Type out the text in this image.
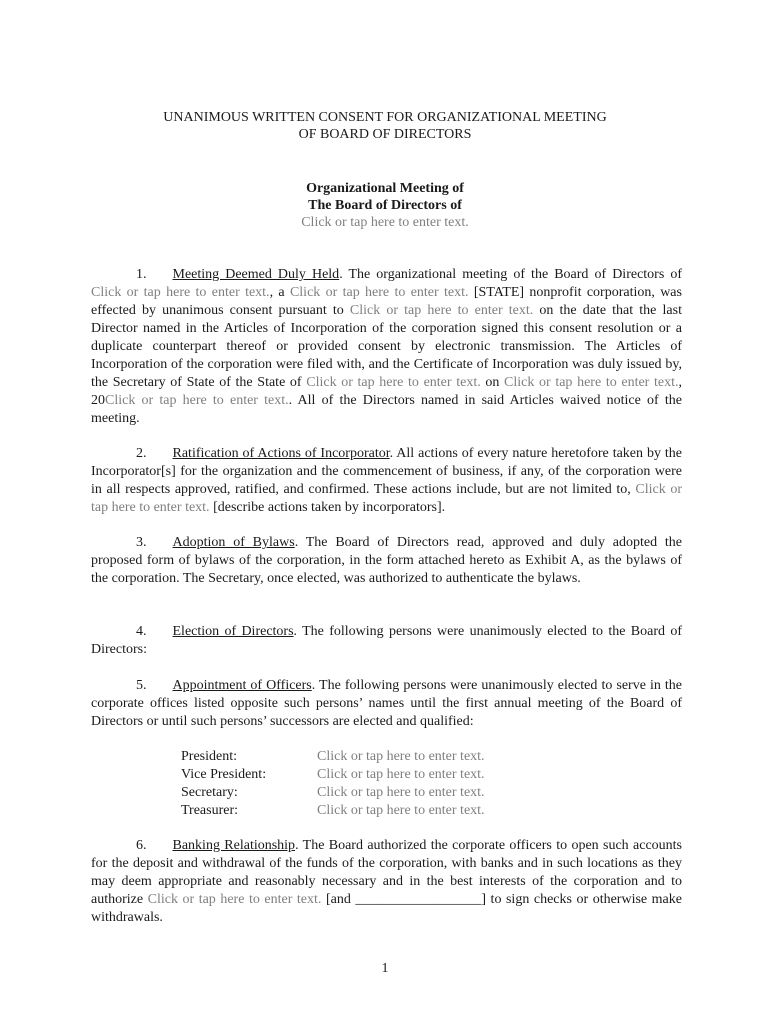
UNANIMOUS WRITTEN CONSENT FOR ORGANIZATIONAL MEETING
OF BOARD OF DIRECTORS
Organizational Meeting of
The Board of Directors of
Click or tap here to enter text.

1. Meeting Deemed Duly Held. The organizational meeting of the Board of Directors of Click or tap here to enter text., a Click or tap here to enter text. [STATE] nonprofit corporation, was effected by unanimous consent pursuant to Click or tap here to enter text. on the date that the last Director named in the Articles of Incorporation of the corporation signed this consent resolution or a duplicate counterpart thereof or provided consent by electronic transmission. The Articles of Incorporation of the corporation were filed with, and the Certificate of Incorporation was duly issued by, the Secretary of State of the State of Click or tap here to enter text. on Click or tap here to enter text., 20Click or tap here to enter text.. All of the Directors named in said Articles waived notice of the meeting.

2. Ratification of Actions of Incorporator. All actions of every nature heretofore taken by the Incorporator[s] for the organization and the commencement of business, if any, of the corporation were in all respects approved, ratified, and confirmed. These actions include, but are not limited to, Click or tap here to enter text. [describe actions taken by incorporators].

3. Adoption of Bylaws. The Board of Directors read, approved and duly adopted the proposed form of bylaws of the corporation, in the form attached hereto as Exhibit A, as the bylaws of the corporation. The Secretary, once elected, was authorized to authenticate the bylaws.

4. Election of Directors. The following persons were unanimously elected to the Board of Directors:

5. Appointment of Officers. The following persons were unanimously elected to serve in the corporate offices listed opposite such persons’ names until the first annual meeting of the Board of Directors or until such persons’ successors are elected and qualified:

President:	Click or tap here to enter text.
Vice President:	Click or tap here to enter text.
Secretary:	Click or tap here to enter text.
Treasurer:	Click or tap here to enter text.

6. Banking Relationship. The Board authorized the corporate officers to open such accounts for the deposit and withdrawal of the funds of the corporation, with banks and in such locations as they may deem appropriate and reasonably necessary and in the best interests of the corporation and to authorize Click or tap here to enter text. [and __________________] to sign checks or otherwise make withdrawals.

1
